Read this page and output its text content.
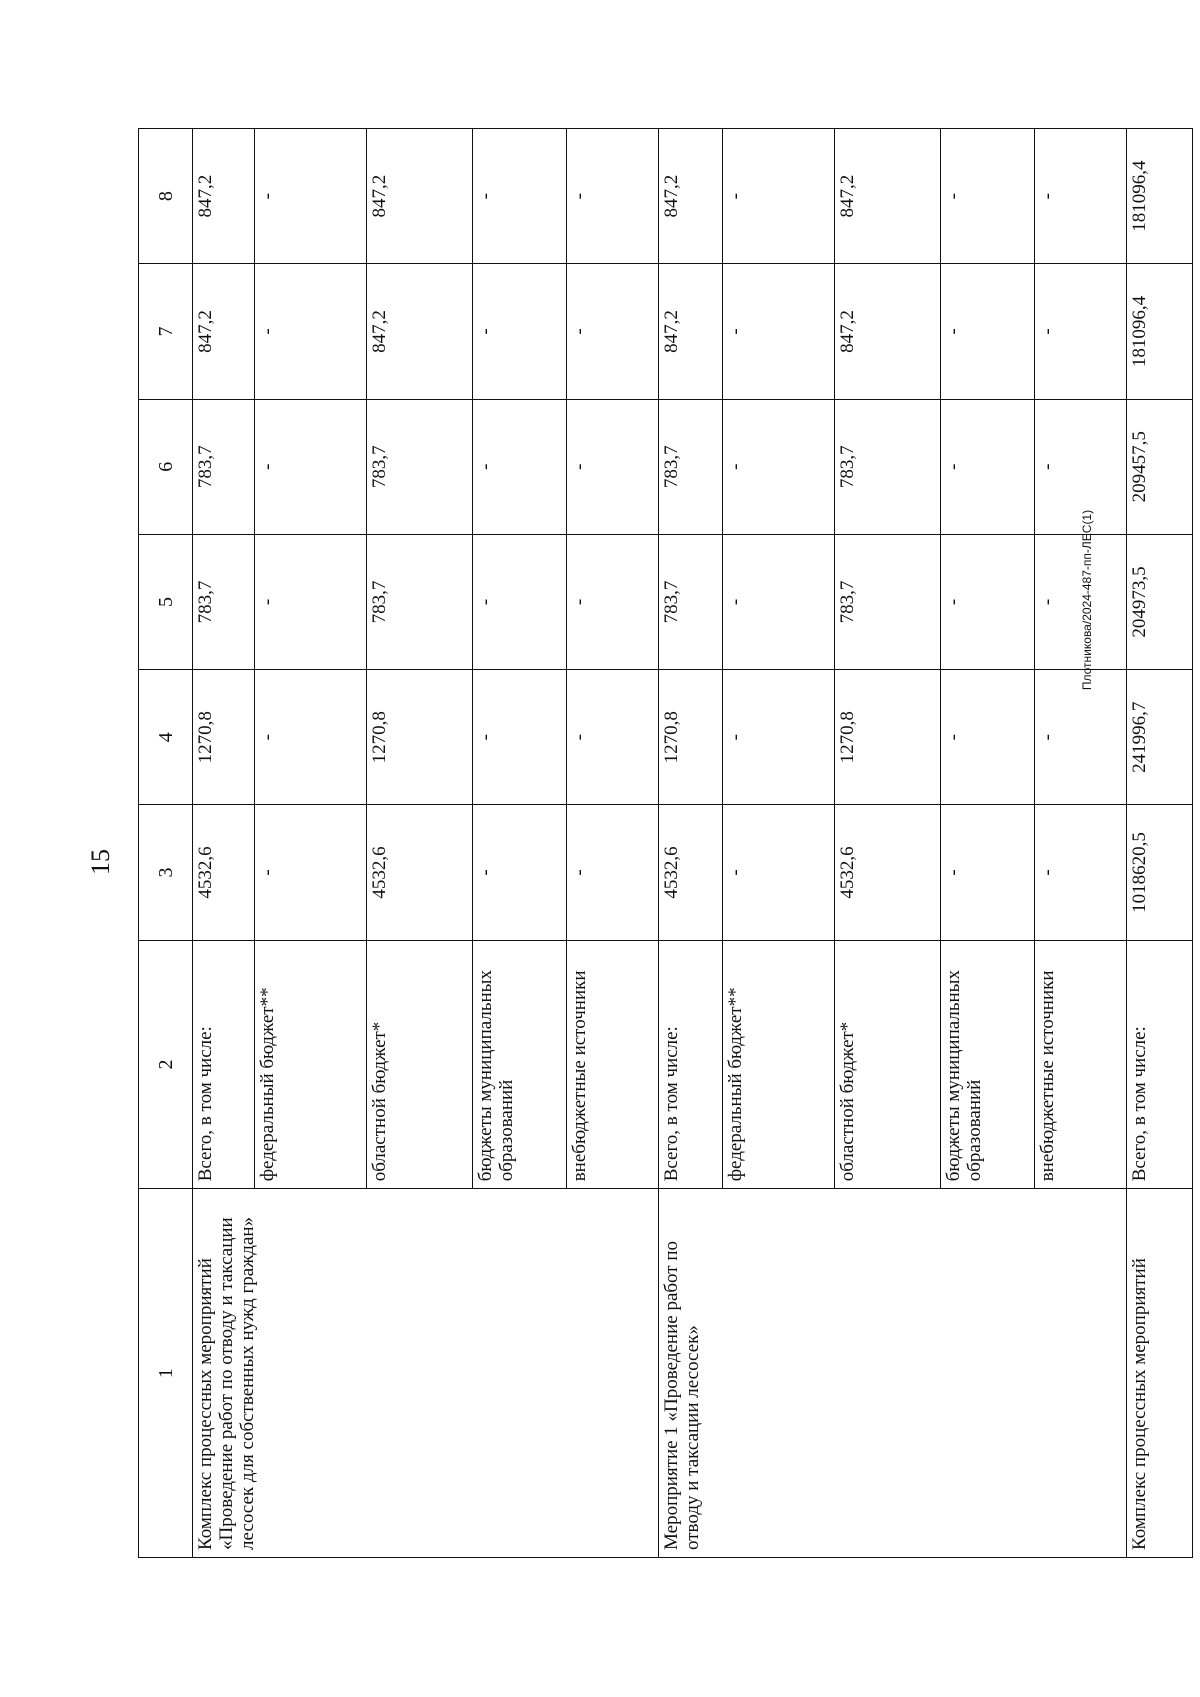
15
Плотникова/2024-487-пп-ЛЕС(1)
1	2	3	4	5	6	7	8
Комплекс процессных мероприятий «Проведение работ по отводу и таксации лесосек для собственных нужд граждан»	Всего, в том числе:	4532,6	1270,8	783,7	783,7	847,2	847,2
	федеральный бюджет**	-	-	-	-	-	-
	областной бюджет*	4532,6	1270,8	783,7	783,7	847,2	847,2
	бюджеты муниципальных образований	-	-	-	-	-	-
	внебюджетные источники	-	-	-	-	-	-
Мероприятие 1 «Проведение работ по отводу и таксации лесосек»	Всего, в том числе:	4532,6	1270,8	783,7	783,7	847,2	847,2
	федеральный бюджет**	-	-	-	-	-	-
	областной бюджет*	4532,6	1270,8	783,7	783,7	847,2	847,2
	бюджеты муниципальных образований	-	-	-	-	-	-
	внебюджетные источники	-	-	-	-	-	-
Комплекс процессных мероприятий	Всего, в том числе:	1018620,5	241996,7	204973,5	209457,5	181096,4	181096,4
